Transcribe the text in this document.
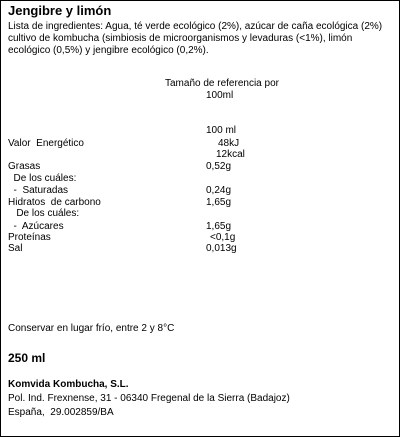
Jengibre y limón
Lista de ingredientes: Agua, té verde ecológico (2%), azúcar de caña ecológica (2%) cultivo de kombucha (simbiosis de microorganismos y levaduras (<1%), limón ecológico (0,5%) y jengibre ecológico (0,2%).
Tamaño de referencia por
100ml
100 ml
Valor  Energético	48kJ
12kcal
Grasas	0,52g
De los cuáles:
-  Saturadas	0,24g
Hidratos  de carbono	1,65g
De los cuáles:
-  Azúcares	1,65g
Proteínas	<0,1g
Sal	0,013g
Conservar en lugar frío, entre 2 y 8°C
250 ml
Komvida Kombucha, S.L.
Pol. Ind. Frexnense, 31 - 06340 Fregenal de la Sierra (Badajoz)
España,  29.002859/BA
